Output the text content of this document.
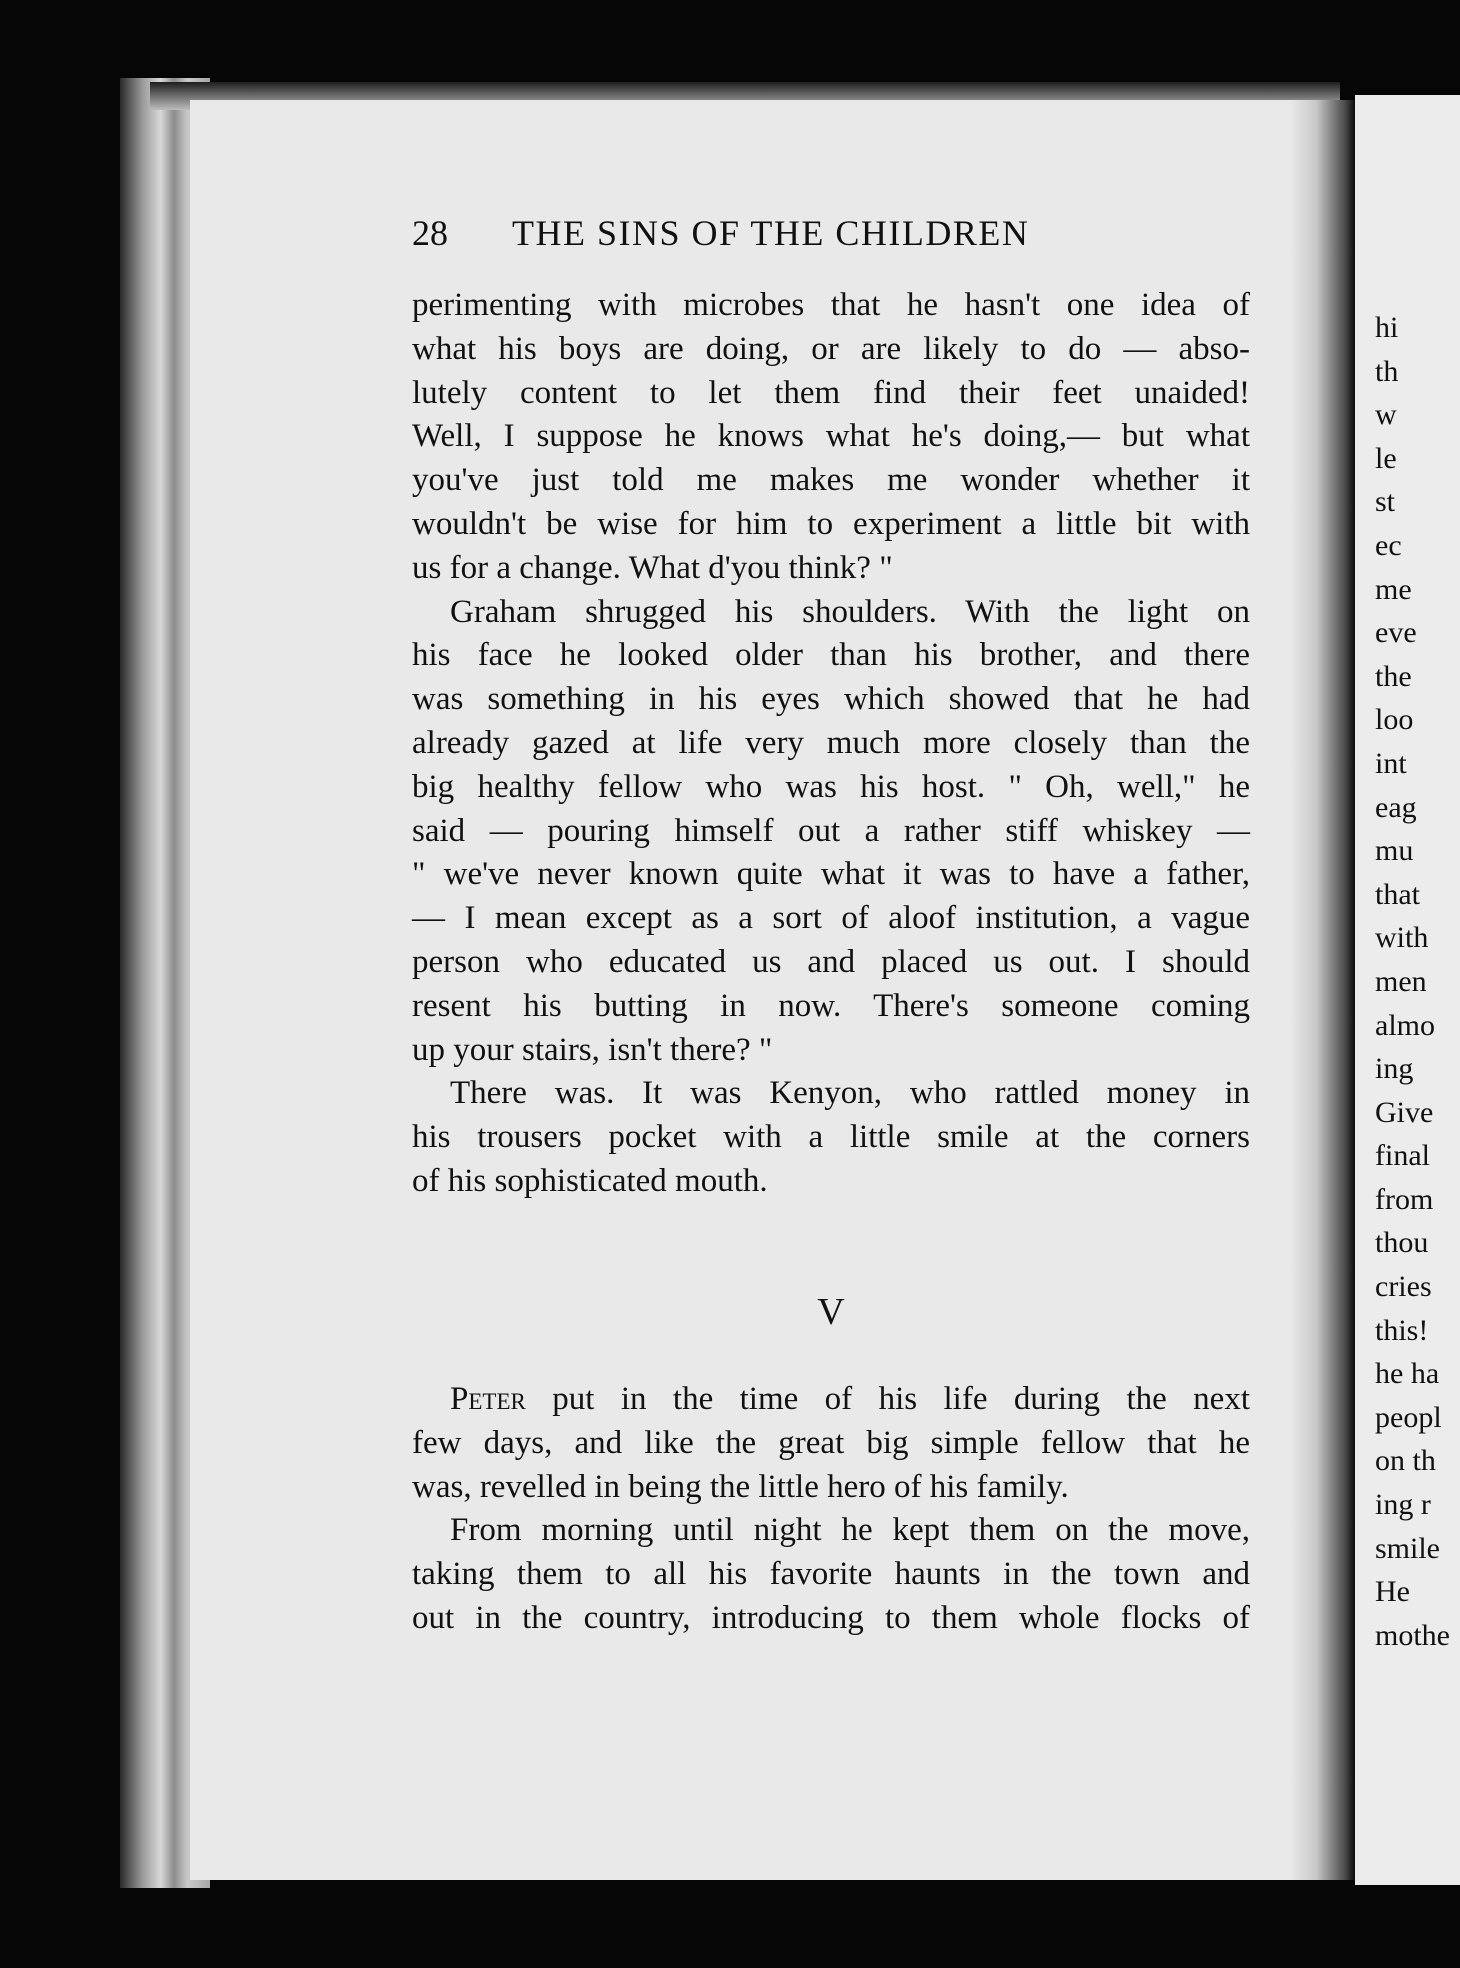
28	THE SINS OF THE CHILDREN
perimenting with microbes that he hasn't one idea of
what his boys are doing, or are likely to do — abso-
lutely content to let them find their feet unaided!
Well, I suppose he knows what he's doing,— but what
you've just told me makes me wonder whether it
wouldn't be wise for him to experiment a little bit with
us for a change. What d'you think? "
Graham shrugged his shoulders. With the light on
his face he looked older than his brother, and there
was something in his eyes which showed that he had
already gazed at life very much more closely than the
big healthy fellow who was his host. " Oh, well," he
said — pouring himself out a rather stiff whiskey —
" we've never known quite what it was to have a father,
— I mean except as a sort of aloof institution, a vague
person who educated us and placed us out. I should
resent his butting in now. There's someone coming
up your stairs, isn't there? "
There was. It was Kenyon, who rattled money in
his trousers pocket with a little smile at the corners
of his sophisticated mouth.
V
Peter put in the time of his life during the next
few days, and like the great big simple fellow that he
was, revelled in being the little hero of his family.
From morning until night he kept them on the move,
taking them to all his favorite haunts in the town and
out in the country, introducing to them whole flocks of
hi
th
w
le
st
ec
me
eve
the
loo
int
eag
mu
that
with
men
almo
ing
Give
final
from
thou
cries
this!
he ha
peopl
on th
ing r
smile
He
mothe
